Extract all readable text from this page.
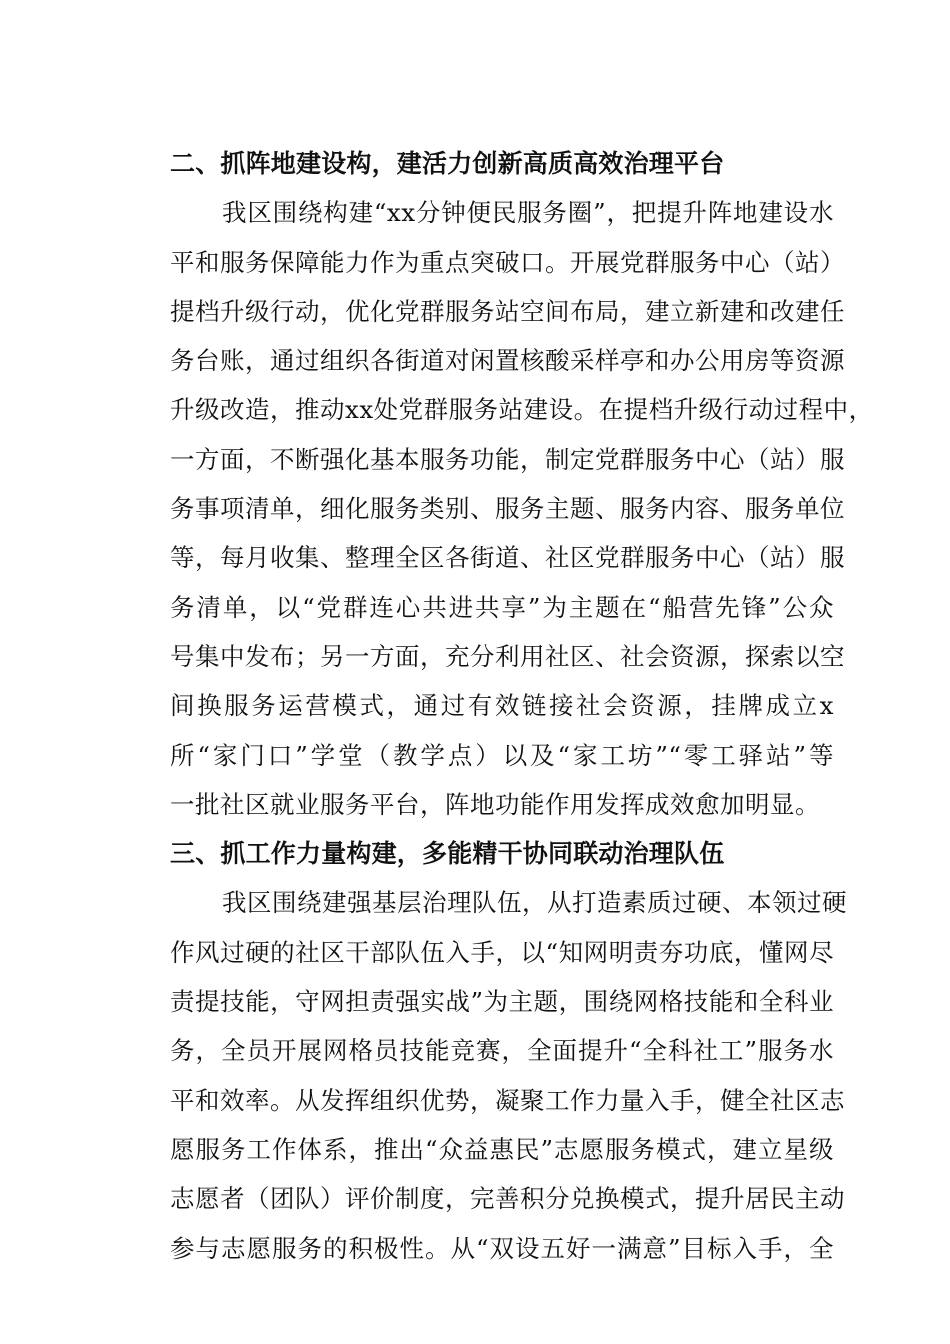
二、抓阵地建设构，建活力创新高质高效治理平台
我区围绕构建“xx分钟便民服务圈”，把提升阵地建设水
平和服务保障能力作为重点突破口。开展党群服务中心（站）
提档升级行动，优化党群服务站空间布局，建立新建和改建任
务台账，通过组织各街道对闲置核酸采样亭和办公用房等资源
升级改造，推动xx处党群服务站建设。在提档升级行动过程中，
一方面，不断强化基本服务功能，制定党群服务中心（站）服
务事项清单，细化服务类别、服务主题、服务内容、服务单位
等，每月收集、整理全区各街道、社区党群服务中心（站）服
务清单，以“党群连心共进共享”为主题在“船营先锋”公众
号集中发布；另一方面，充分利用社区、社会资源，探索以空
间换服务运营模式，通过有效链接社会资源，挂牌成立x
所“家门口”学堂（教学点）以及“家工坊”“零工驿站”等
一批社区就业服务平台，阵地功能作用发挥成效愈加明显。
三、抓工作力量构建，多能精干协同联动治理队伍
我区围绕建强基层治理队伍，从打造素质过硬、本领过硬
作风过硬的社区干部队伍入手，以“知网明责夯功底，懂网尽
责提技能，守网担责强实战”为主题，围绕网格技能和全科业
务，全员开展网格员技能竞赛，全面提升“全科社工”服务水
平和效率。从发挥组织优势，凝聚工作力量入手，健全社区志
愿服务工作体系，推出“众益惠民”志愿服务模式，建立星级
志愿者（团队）评价制度，完善积分兑换模式，提升居民主动
参与志愿服务的积极性。从“双设五好一满意”目标入手，全
